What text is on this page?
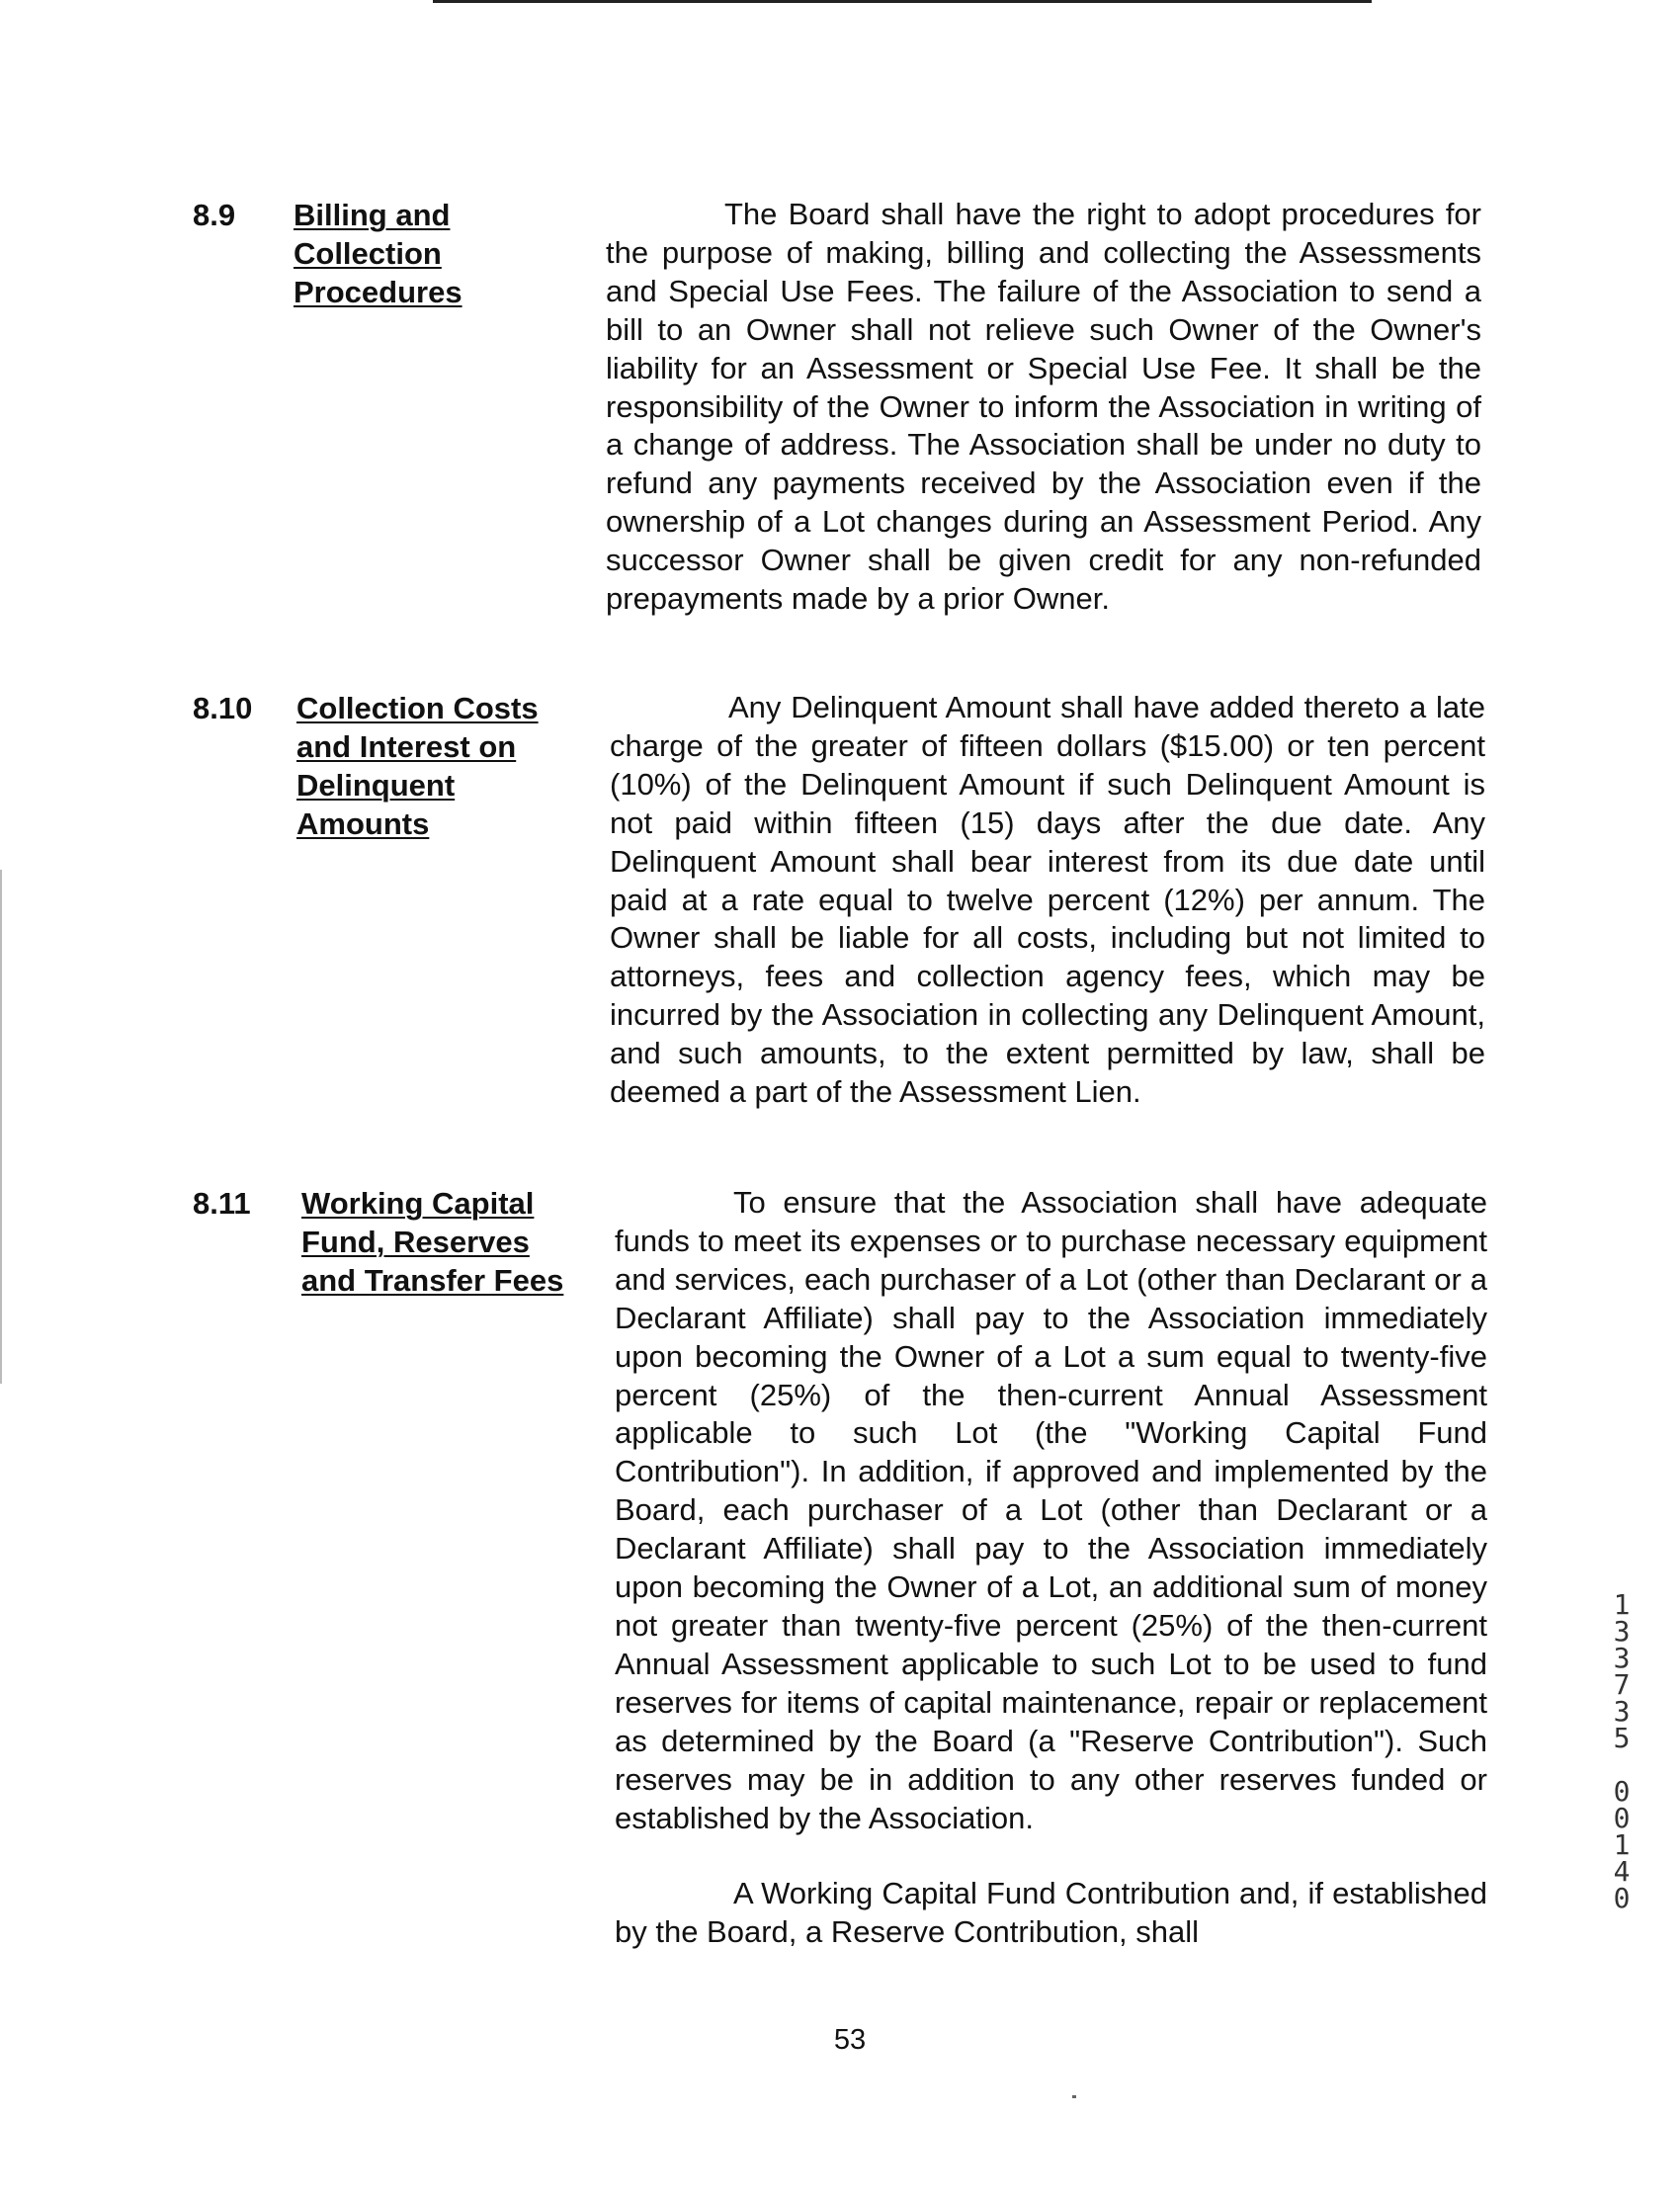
8.9 Billing and Collection Procedures

The Board shall have the right to adopt procedures for the purpose of making, billing and collecting the Assessments and Special Use Fees. The failure of the Association to send a bill to an Owner shall not relieve such Owner of the Owner's liability for an Assessment or Special Use Fee. It shall be the responsibility of the Owner to inform the Association in writing of a change of address. The Association shall be under no duty to refund any payments received by the Association even if the ownership of a Lot changes during an Assessment Period. Any successor Owner shall be given credit for any non-refunded prepayments made by a prior Owner.

8.10 Collection Costs and Interest on Delinquent Amounts

Any Delinquent Amount shall have added thereto a late charge of the greater of fifteen dollars ($15.00) or ten percent (10%) of the Delinquent Amount if such Delinquent Amount is not paid within fifteen (15) days after the due date. Any Delinquent Amount shall bear interest from its due date until paid at a rate equal to twelve percent (12%) per annum. The Owner shall be liable for all costs, including but not limited to attorneys, fees and collection agency fees, which may be incurred by the Association in collecting any Delinquent Amount, and such amounts, to the extent permitted by law, shall be deemed a part of the Assessment Lien.

8.11 Working Capital Fund, Reserves and Transfer Fees

To ensure that the Association shall have adequate funds to meet its expenses or to purchase necessary equipment and services, each purchaser of a Lot (other than Declarant or a Declarant Affiliate) shall pay to the Association immediately upon becoming the Owner of a Lot a sum equal to twenty-five percent (25%) of the then-current Annual Assessment applicable to such Lot (the "Working Capital Fund Contribution"). In addition, if approved and implemented by the Board, each purchaser of a Lot (other than Declarant or a Declarant Affiliate) shall pay to the Association immediately upon becoming the Owner of a Lot, an additional sum of money not greater than twenty-five percent (25%) of the then-current Annual Assessment applicable to such Lot to be used to fund reserves for items of capital maintenance, repair or replacement as determined by the Board (a "Reserve Contribution"). Such reserves may be in addition to any other reserves funded or established by the Association.

A Working Capital Fund Contribution and, if established by the Board, a Reserve Contribution, shall

53
1
3
3
7
3
5

0
0
1
4
0
